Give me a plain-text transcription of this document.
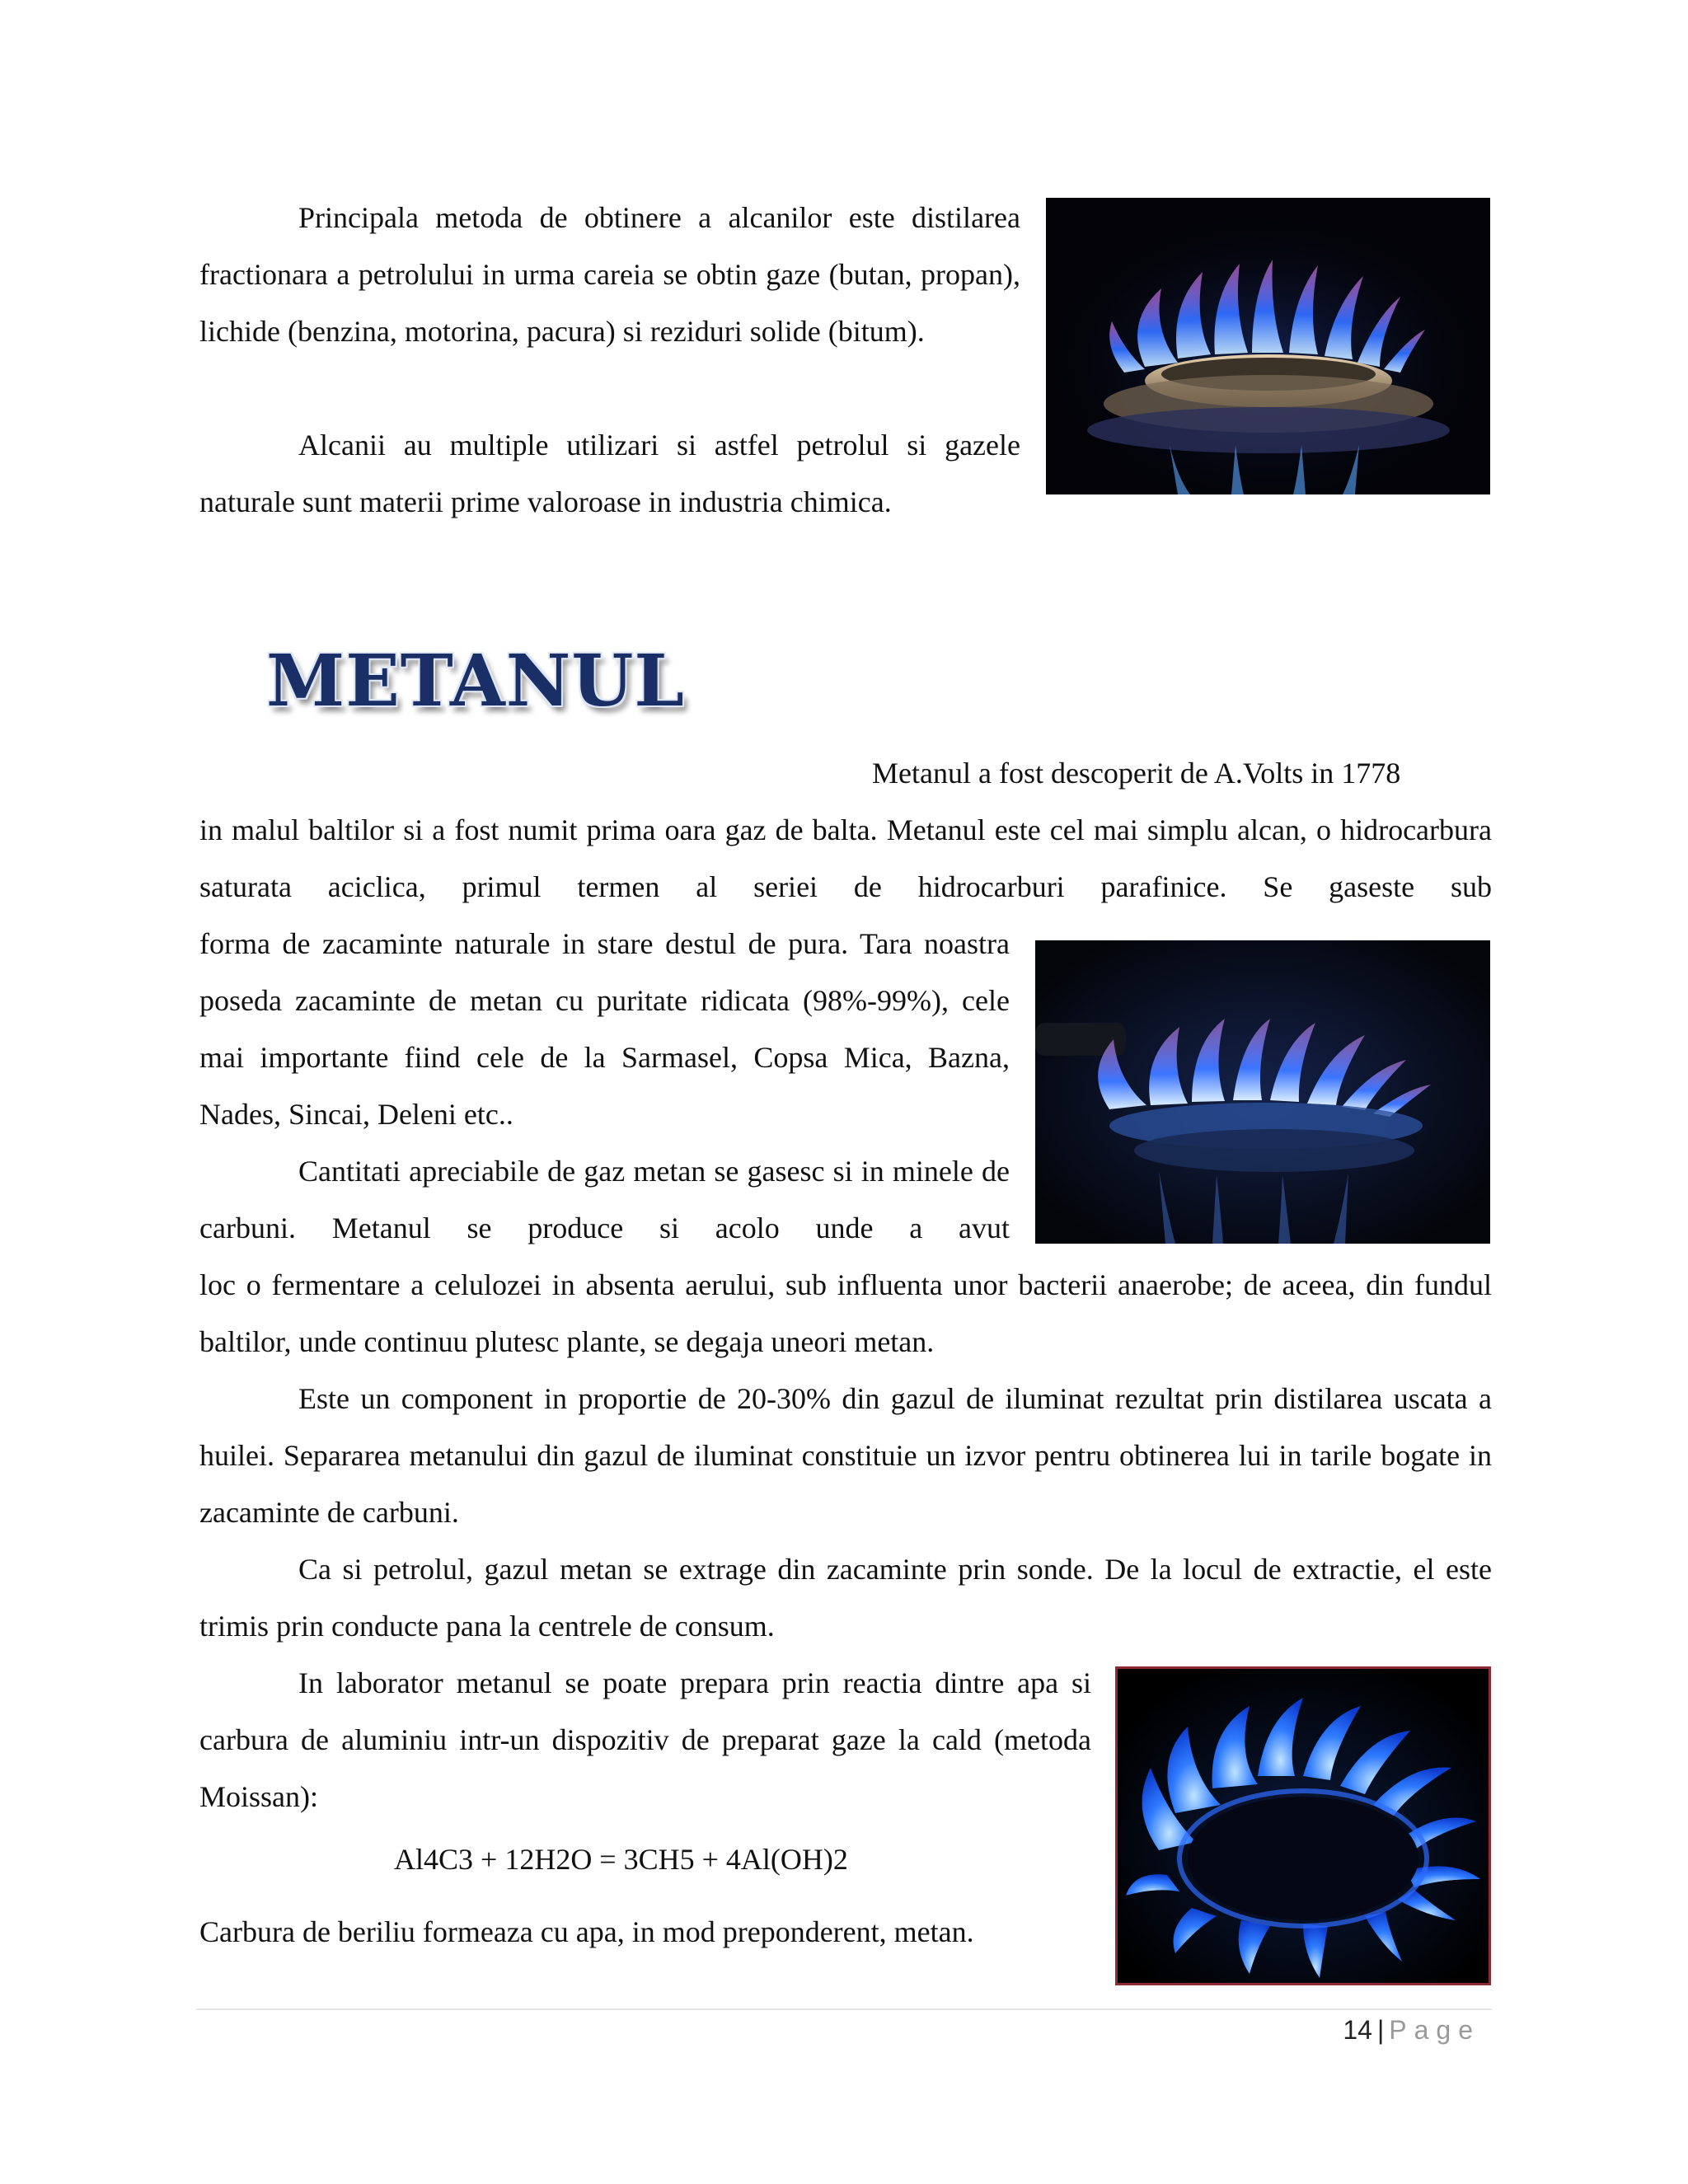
Principala metoda de obtinere a alcanilor este distilarea fractionara a petrolului in urma careia se obtin gaze (butan, propan), lichide (benzina, motorina, pacura) si reziduri solide (bitum).

Alcanii au multiple utilizari si astfel petrolul si gazele naturale sunt materii prime valoroase in industria chimica.

METANUL

Metanul a fost descoperit de A.Volts in 1778

in malul baltilor si a fost numit prima oara gaz de balta. Metanul este cel mai simplu alcan, o hidrocarbura saturata aciclica, primul termen al seriei de hidrocarburi parafinice. Se gaseste sub

forma de zacaminte naturale in stare destul de pura. Tara noastra poseda zacaminte de metan cu puritate ridicata (98%-99%), cele mai importante fiind cele de la Sarmasel, Copsa Mica, Bazna, Nades, Sincai, Deleni etc..

Cantitati apreciabile de gaz metan se gasesc si in minele de carbuni. Metanul se produce si acolo unde a avut

loc o fermentare a celulozei in absenta aerului, sub influenta unor bacterii anaerobe; de aceea, din fundul baltilor, unde continuu plutesc plante, se degaja uneori metan.

Este un component in proportie de 20-30% din gazul de iluminat rezultat prin distilarea uscata a huilei. Separarea metanului din gazul de iluminat constituie un izvor pentru obtinerea lui in tarile bogate in zacaminte de carbuni.

Ca si petrolul, gazul metan se extrage din zacaminte prin sonde. De la locul de extractie, el este trimis prin conducte pana la centrele de consum.

In laborator metanul se poate prepara prin reactia dintre apa si carbura de aluminiu intr-un dispozitiv de preparat gaze la cald (metoda Moissan):

Al4C3 + 12H2O = 3CH5 + 4Al(OH)2

Carbura de beriliu formeaza cu apa, in mod preponderent, metan.

14 | Page
